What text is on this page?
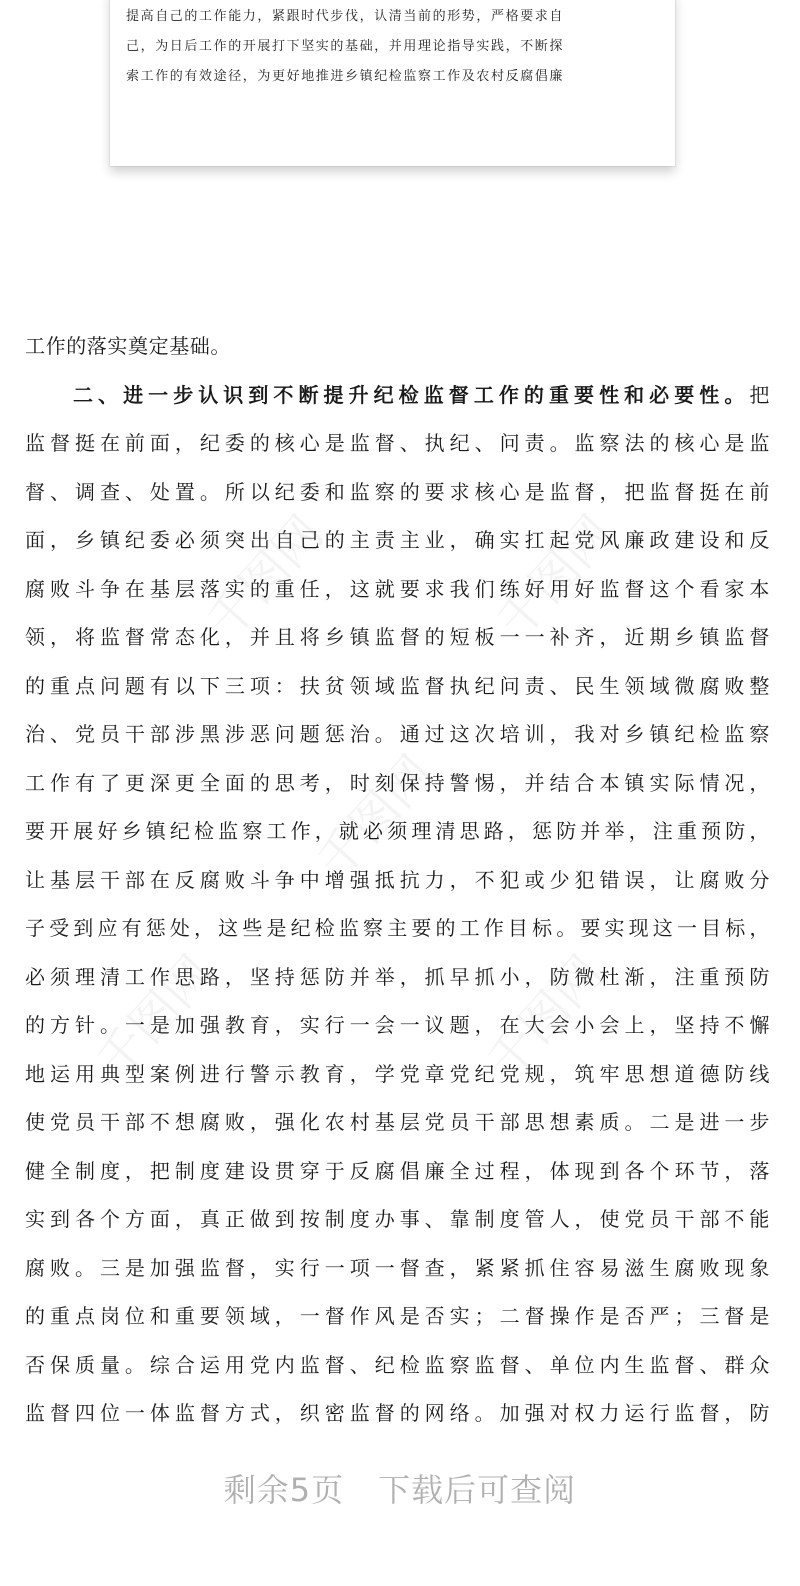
提高自己的工作能力，紧跟时代步伐，认清当前的形势，严格要求自
己，为日后工作的开展打下坚实的基础，并用理论指导实践，不断探
索工作的有效途径，为更好地推进乡镇纪检监察工作及农村反腐倡廉
千图网	千图网
千图网
千图网	千图网
工作的落实奠定基础。
二、进一步认识到不断提升纪检监督工作的重要性和必要性。把
监督挺在前面，纪委的核心是监督、执纪、问责。监察法的核心是监
督、调查、处置。所以纪委和监察的要求核心是监督，把监督挺在前
面，乡镇纪委必须突出自己的主责主业，确实扛起党风廉政建设和反
腐败斗争在基层落实的重任，这就要求我们练好用好监督这个看家本
领，将监督常态化，并且将乡镇监督的短板一一补齐，近期乡镇监督
的重点问题有以下三项：扶贫领域监督执纪问责、民生领域微腐败整
治、党员干部涉黑涉恶问题惩治。通过这次培训，我对乡镇纪检监察
工作有了更深更全面的思考，时刻保持警惕，并结合本镇实际情况，
要开展好乡镇纪检监察工作，就必须理清思路，惩防并举，注重预防，
让基层干部在反腐败斗争中增强抵抗力，不犯或少犯错误，让腐败分
子受到应有惩处，这些是纪检监察主要的工作目标。要实现这一目标，
必须理清工作思路，坚持惩防并举，抓早抓小，防微杜渐，注重预防
的方针。一是加强教育，实行一会一议题，在大会小会上，坚持不懈
地运用典型案例进行警示教育，学党章党纪党规，筑牢思想道德防线
使党员干部不想腐败，强化农村基层党员干部思想素质。二是进一步
健全制度，把制度建设贯穿于反腐倡廉全过程，体现到各个环节，落
实到各个方面，真正做到按制度办事、靠制度管人，使党员干部不能
腐败。三是加强监督，实行一项一督查，紧紧抓住容易滋生腐败现象
的重点岗位和重要领域，一督作风是否实；二督操作是否严；三督是
否保质量。综合运用党内监督、纪检监察监督、单位内生监督、群众
监督四位一体监督方式，织密监督的网络。加强对权力运行监督，防
剩余5页 下载后可查阅
